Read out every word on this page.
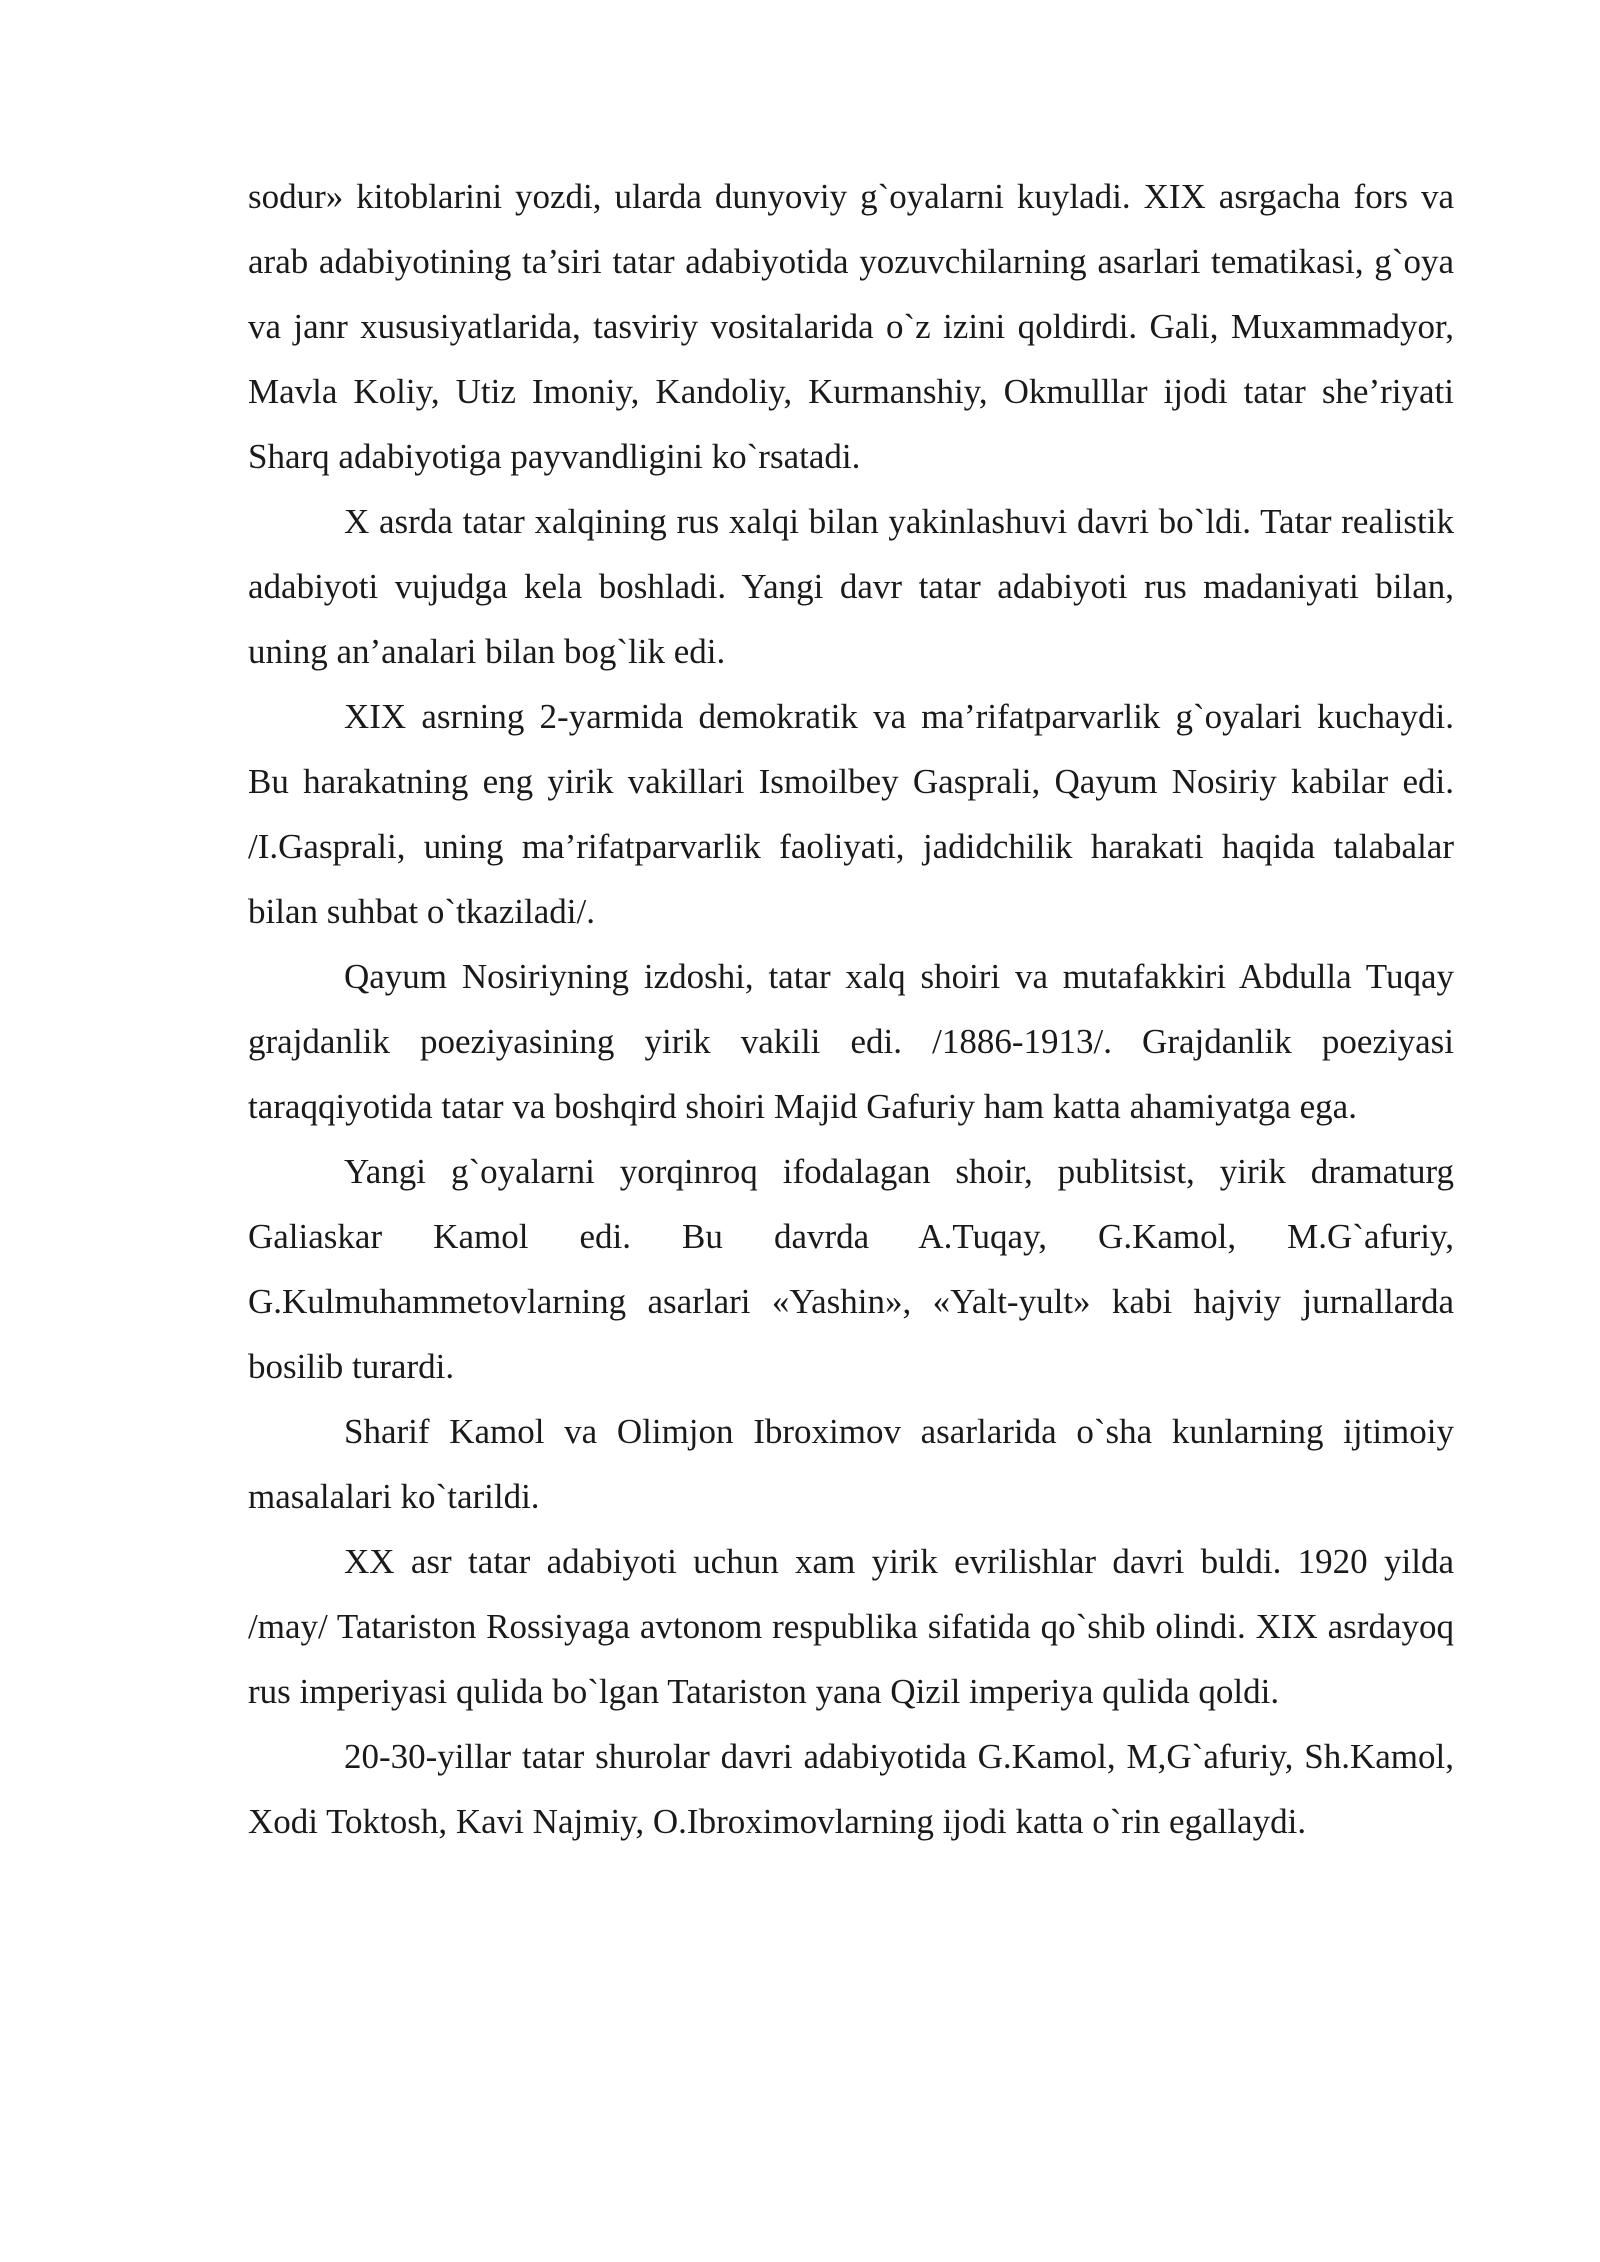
sodur» kitoblarini yozdi, ularda dunyoviy g`oyalarni kuyladi. XIX asrgacha fors va arab adabiyotining ta’siri tatar adabiyotida yozuvchilarning asarlari tematikasi, g`oya va janr xususiyatlarida, tasviriy vositalarida o`z izini qoldirdi. Gali, Muxammadyor, Mavla Koliy, Utiz Imoniy, Kandoliy, Kurmanshiy, Okmulllar ijodi tatar she’riyati Sharq adabiyotiga payvandligini ko`rsatadi.

X asrda tatar xalqining rus xalqi bilan yakinlashuvi davri bo`ldi. Tatar realistik adabiyoti vujudga kela boshladi. Yangi davr tatar adabiyoti rus madaniyati bilan, uning an’analari bilan bog`lik edi.

XIX asrning 2-yarmida demokratik va ma’rifatparvarlik g`oyalari kuchaydi. Bu harakatning eng yirik vakillari Ismoilbey Gasprali, Qayum Nosiriy kabilar edi. /I.Gasprali, uning ma’rifatparvarlik faoliyati, jadidchilik harakati haqida talabalar bilan suhbat o`tkaziladi/.

Qayum Nosiriyning izdoshi, tatar xalq shoiri va mutafakkiri Abdulla Tuqay grajdanlik poeziyasining yirik vakili edi. /1886-1913/. Grajdanlik poeziyasi taraqqiyotida tatar va boshqird shoiri Majid Gafuriy ham katta ahamiyatga ega.

Yangi g`oyalarni yorqinroq ifodalagan shoir, publitsist, yirik dramaturg Galiaskar Kamol edi. Bu davrda A.Tuqay, G.Kamol, M.G`afuriy, G.Kulmuhammetovlarning asarlari «Yashin», «Yalt-yult» kabi hajviy jurnallarda bosilib turardi.

Sharif Kamol va Olimjon Ibroximov asarlarida o`sha kunlarning ijtimoiy masalalari ko`tarildi.

XX asr tatar adabiyoti uchun xam yirik evrilishlar davri buldi. 1920 yilda /may/ Tatariston Rossiyaga avtonom respublika sifatida qo`shib olindi. XIX asrdayoq rus imperiyasi qulida bo`lgan Tatariston yana Qizil imperiya qulida qoldi.

20-30-yillar tatar shurolar davri adabiyotida G.Kamol, M,G`afuriy, Sh.Kamol, Xodi Toktosh, Kavi Najmiy, O.Ibroximovlarning ijodi katta o`rin egallaydi.
